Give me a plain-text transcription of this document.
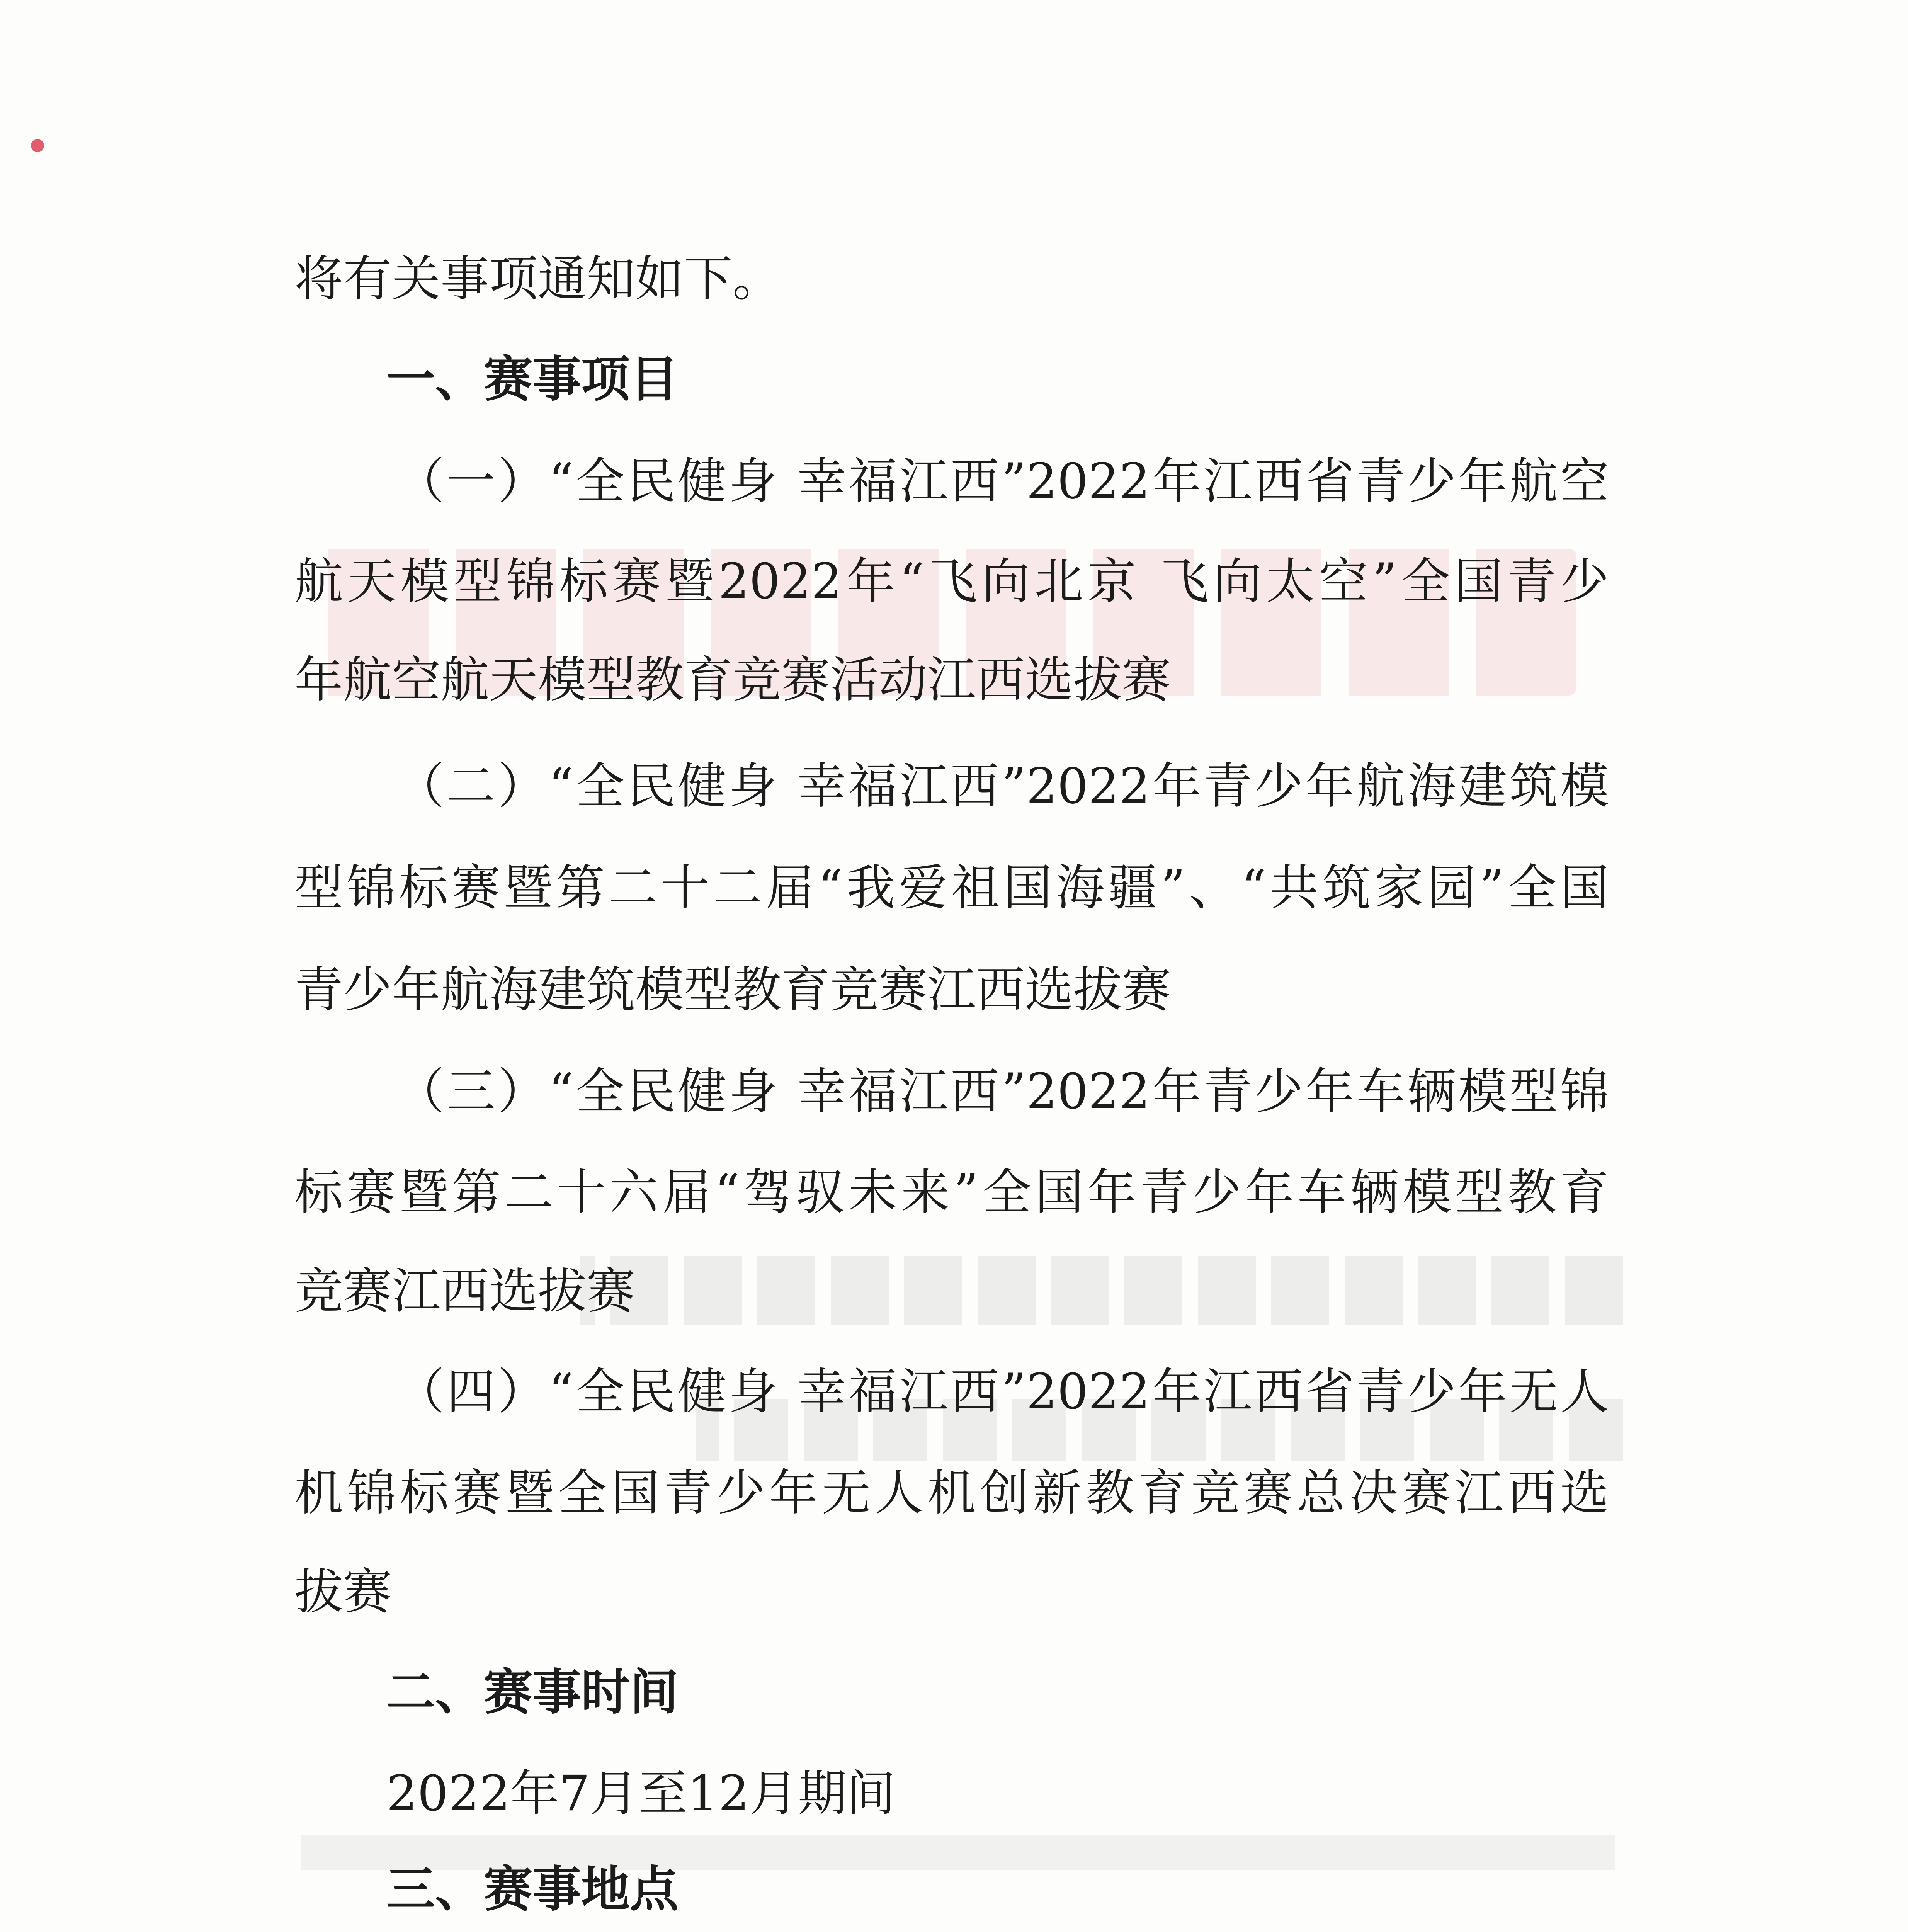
将有关事项通知如下。
一、赛事项目
（一）“全民健身 幸福江西”2022年江西省青少年航空
航天模型锦标赛暨2022年“飞向北京 飞向太空”全国青少
年航空航天模型教育竞赛活动江西选拔赛
（二）“全民健身 幸福江西”2022年青少年航海建筑模
型锦标赛暨第二十二届“我爱祖国海疆”、“共筑家园”全国
青少年航海建筑模型教育竞赛江西选拔赛
（三）“全民健身 幸福江西”2022年青少年车辆模型锦
标赛暨第二十六届“驾驭未来”全国年青少年车辆模型教育
竞赛江西选拔赛
（四）“全民健身 幸福江西”2022年江西省青少年无人
机锦标赛暨全国青少年无人机创新教育竞赛总决赛江西选
拔赛
二、赛事时间
2022年7月至12月期间
三、赛事地点
